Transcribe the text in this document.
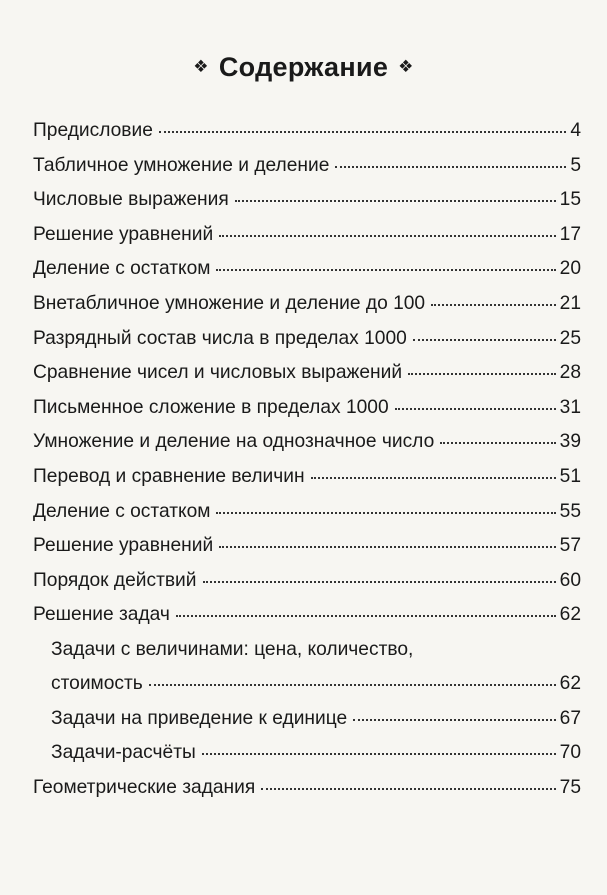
❖ Содержание ❖
Предисловие	4
Табличное умножение и деление	5
Числовые выражения	15
Решение уравнений	17
Деление с остатком	20
Внетабличное умножение и деление до 100	21
Разрядный состав числа в пределах 1000	25
Сравнение чисел и числовых выражений	28
Письменное сложение в пределах 1000	31
Умножение и деление на однозначное число	39
Перевод и сравнение величин	51
Деление с остатком	55
Решение уравнений	57
Порядок действий	60
Решение задач	62
Задачи с величинами: цена, количество,
стоимость	62
Задачи на приведение к единице	67
Задачи-расчёты	70
Геометрические задания	75
